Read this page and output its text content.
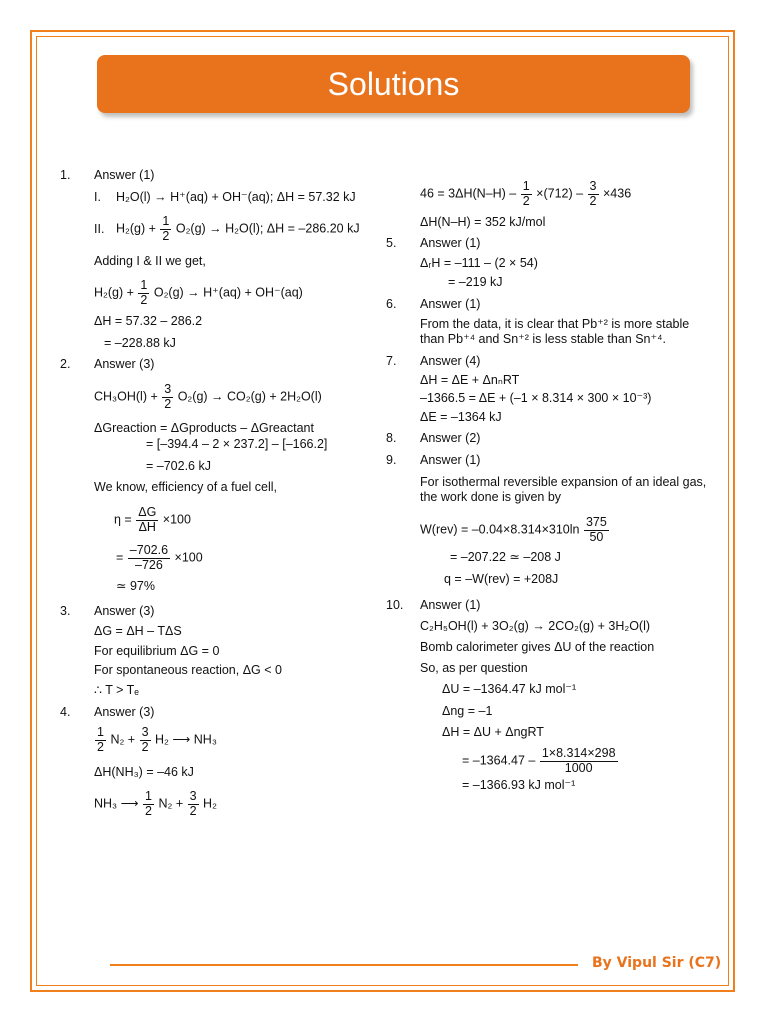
Solutions
1.	Answer (1)

I. H₂O(l) → H⁺(aq) + OH⁻(aq); ΔH = 57.32 kJ

II. $H_2(g) + \frac{1}{2} O_2(g) \to H_2O(l)$; ΔH = –286.20 kJ

Adding I & II we get,

$H_2(g) + \frac{1}{2} O_2(g) \to H^+(aq) + OH^-(aq)$

ΔH = 57.32 – 286.2

= –228.88 kJ

2.	Answer (3)

$CH_3OH(l) + \frac{3}{2} O_2(g) \to CO_2(g) + 2H_2O(l)$

ΔGreaction = ΔGproducts – ΔGreactant

= [–394.4 – 2 × 237.2] – [–166.2]

= –702.6 kJ

We know, efficiency of a fuel cell,

$\eta = \frac{\Delta G}{\Delta H} \times 100$

= $\frac{-702.6}{-726} \times 100$

≃ 97%

3.	Answer (3)

ΔG = ΔH – TΔS

For equilibrium ΔG = 0

For spontaneous reaction, ΔG < 0

∴ T > Tₑ

4.	Answer (3)

$\frac{1}{2} N_2 + \frac{3}{2} H_2$ ⟶ NH₃

ΔH(NH₃) = –46 kJ

NH₃ ⟶ $\frac{1}{2} N_2 + \frac{3}{2} H_2$

$46 = 3\Delta H(N-H) - \frac{1}{2} \times(712) - \frac{3}{2} \times 436$

ΔH(N–H) = 352 kJ/mol

5.	Answer (1)

ΔᵣH = –111 – (2 × 54)

= –219 kJ

6.	Answer (1)

From the data, it is clear that Pb⁺² is more stable

than Pb⁺⁴ and Sn⁺² is less stable than Sn⁺⁴.

7.	Answer (4)

ΔH = ΔE + ΔnₙRT

–1366.5 = ΔE + (–1 × 8.314 × 300 × 10⁻³)

ΔE = –1364 kJ

8.	Answer (2)

9.	Answer (1)

For isothermal reversible expansion of an ideal gas,

the work done is given by

$W(rev) = -0.04\times 8.314\times 310\ln \frac{375}{50}$

= –207.22 ≃ –208 J

q = –W(rev) = +208J

10.	Answer (1)

C₂H₅OH(l) + 3O₂(g) → 2CO₂(g) + 3H₂O(l)

Bomb calorimeter gives ΔU of the reaction

So, as per question

ΔU = –1364.47 kJ mol⁻¹

Δng = –1

ΔH = ΔU + ΔngRT

= $-1364.47 - \frac{1\times 8.314\times 298}{1000}$

= –1366.93 kJ mol⁻¹

By Vipul Sir (C7)
